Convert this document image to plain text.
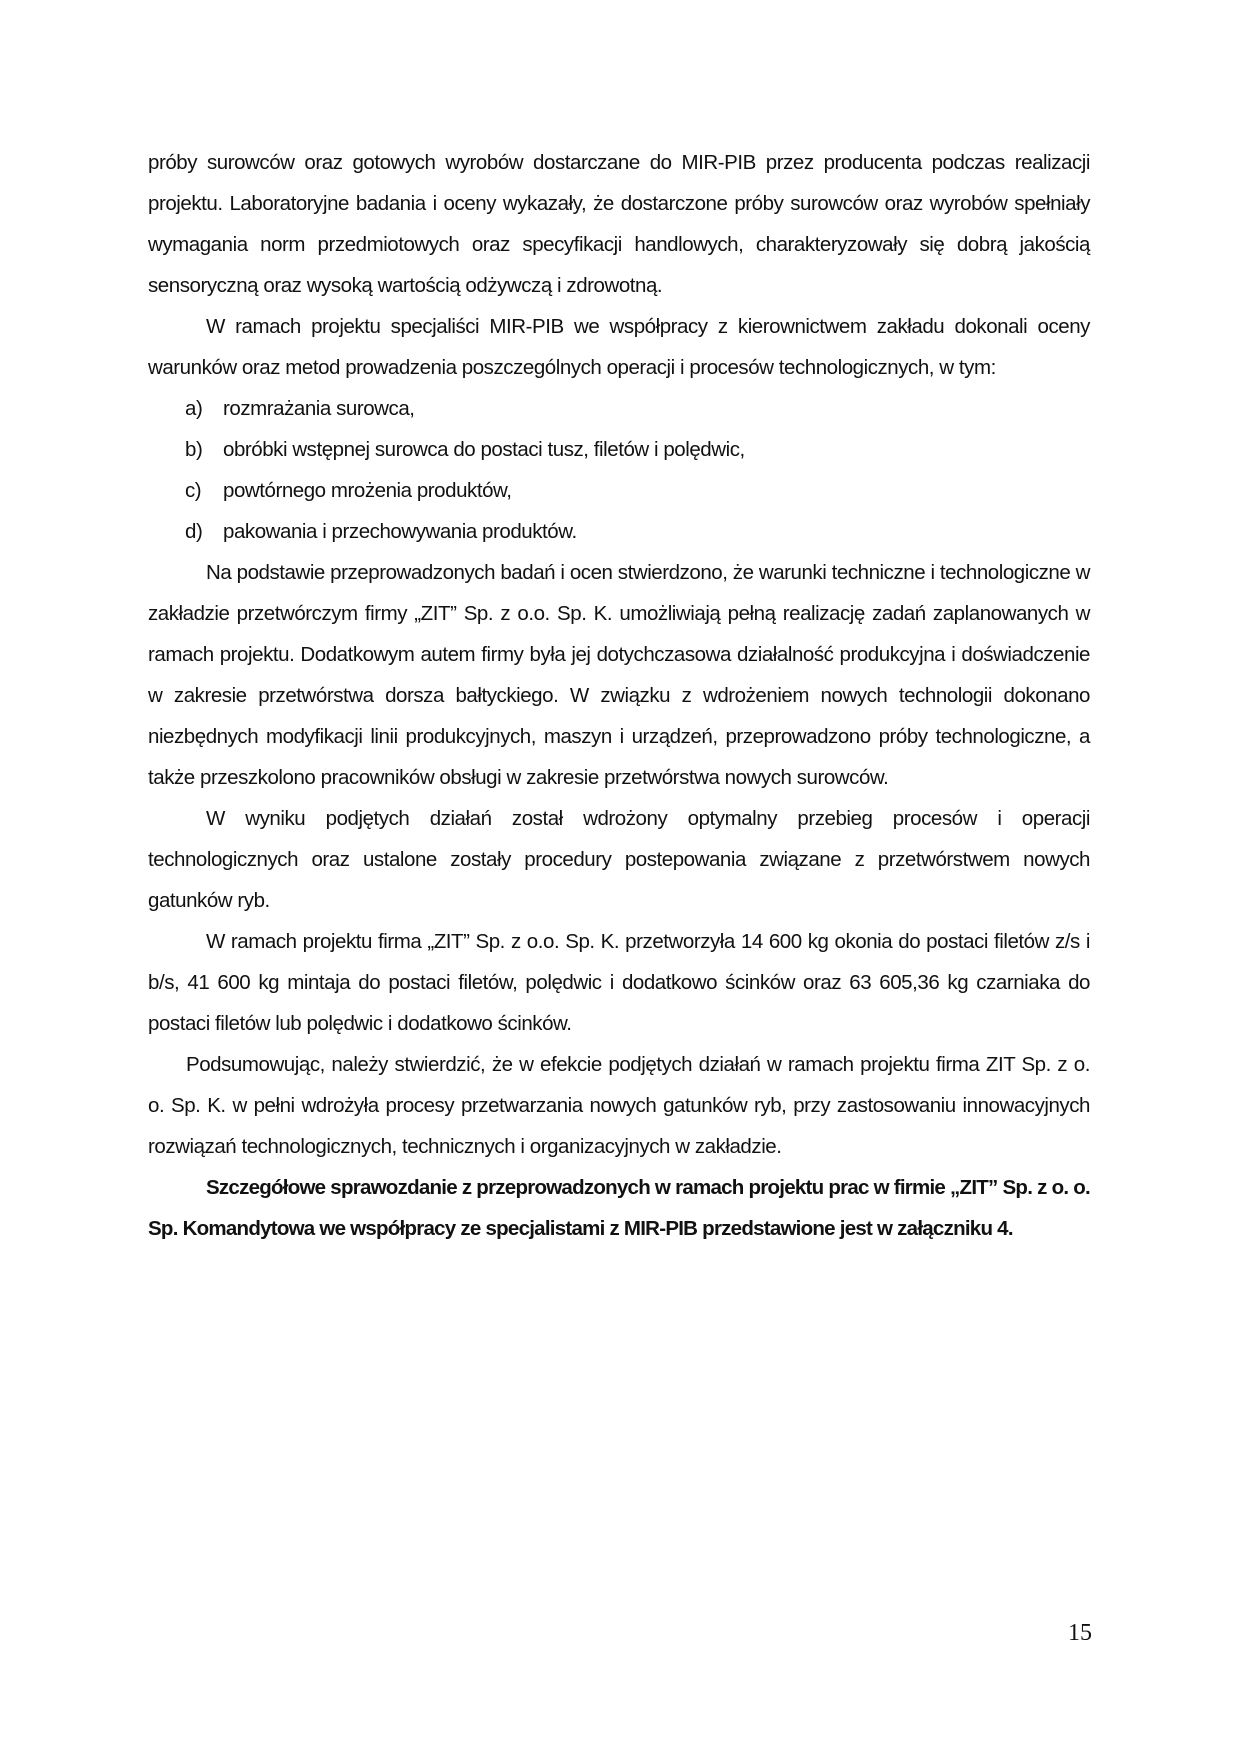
próby surowców oraz gotowych wyrobów dostarczane do MIR-PIB przez producenta podczas realizacji projektu. Laboratoryjne badania i oceny wykazały, że dostarczone próby surowców oraz wyrobów spełniały wymagania norm przedmiotowych oraz specyfikacji handlowych, charakteryzowały się dobrą jakością sensoryczną oraz wysoką wartością odżywczą i zdrowotną.

W ramach projektu specjaliści MIR-PIB we współpracy z kierownictwem zakładu dokonali oceny warunków oraz metod prowadzenia poszczególnych operacji i procesów technologicznych, w tym:

a) rozmrażania surowca,
b) obróbki wstępnej surowca do postaci tusz, filetów i polędwic,
c) powtórnego mrożenia produktów,
d) pakowania i przechowywania produktów.

Na podstawie przeprowadzonych badań i ocen stwierdzono, że warunki techniczne i technologiczne w zakładzie przetwórczym firmy „ZIT” Sp. z o.o. Sp. K. umożliwiają pełną realizację zadań zaplanowanych w ramach projektu. Dodatkowym autem firmy była jej dotychczasowa działalność produkcyjna i doświadczenie w zakresie przetwórstwa dorsza bałtyckiego. W związku z wdrożeniem nowych technologii dokonano niezbędnych modyfikacji linii produkcyjnych, maszyn i urządzeń, przeprowadzono próby technologiczne, a także przeszkolono pracowników obsługi w zakresie przetwórstwa nowych surowców.

W wyniku podjętych działań został wdrożony optymalny przebieg procesów i operacji technologicznych oraz ustalone zostały procedury postepowania związane z przetwórstwem nowych gatunków ryb.

W ramach projektu firma „ZIT” Sp. z o.o. Sp. K. przetworzyła 14 600 kg okonia do postaci filetów z/s i b/s, 41 600 kg mintaja do postaci filetów, polędwic i dodatkowo ścinków oraz 63 605,36 kg czarniaka do postaci filetów lub polędwic i dodatkowo ścinków.

Podsumowując, należy stwierdzić, że w efekcie podjętych działań w ramach projektu firma ZIT Sp. z o. o. Sp. K. w pełni wdrożyła procesy przetwarzania nowych gatunków ryb, przy zastosowaniu innowacyjnych rozwiązań technologicznych, technicznych i organizacyjnych w zakładzie.

Szczegółowe sprawozdanie z przeprowadzonych w ramach projektu prac w firmie „ZIT” Sp. z o. o. Sp. Komandytowa we współpracy ze specjalistami z MIR-PIB przedstawione jest w załączniku 4.

15
